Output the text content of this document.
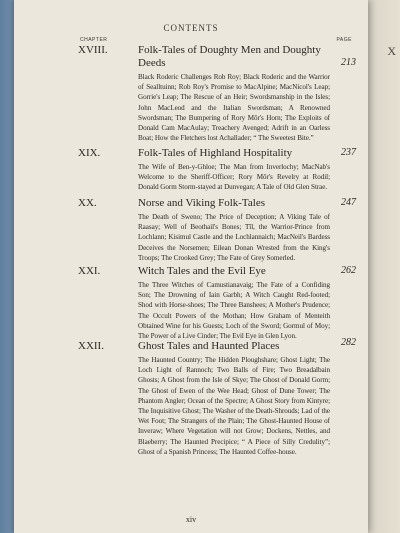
X
CONTENTS
CHAPTER	PAGE
XVIII.	Folk-Tales of Doughty Men and Doughty Deeds	213
Black Roderic Challenges Rob Roy; Black Roderic and the Warrior of Sealltuinn; Rob Roy's Promise to MacAlpine; MacNicol's Leap; Gorrie's Leap; The Rescue of an Heir; Swordsmanship in the Isles; John MacLeod and the Italian Swordsman; A Renowned Swordsman; The Bumpering of Rory Môr's Horn; The Exploits of Donald Cam MacAulay; Treachery Avenged; Adrift in an Oarless Boat; How the Fletchers lost Achallader; “ The Sweetest Bite.”
XIX.	Folk-Tales of Highland Hospitality	237
The Wife of Ben-y-Ghloe; The Man from Inverlochy; MacNab's Welcome to the Sheriff-Officer; Rory Môr's Revelry at Rodil; Donald Gorm Storm-stayed at Dunvegan; A Tale of Old Glen Strae.
XX.	Norse and Viking Folk-Tales	247
The Death of Sweno; The Price of Deception; A Viking Tale of Raasay; Well of Beothail's Bones; Tîl, the Warrior-Prince from Lochlann; Kisimul Castle and the Lochlannaich; MacNeil's Bardess Deceives the Norsemen; Eilean Donan Wrested from the King's Troops; The Crooked Grey; The Fate of Grey Somerled.
XXI.	Witch Tales and the Evil Eye	262
The Three Witches of Camustianavaig; The Fate of a Confiding Son; The Drowning of Iain Garbh; A Witch Caught Red-footed; Shod with Horse-shoes; The Three Banshees; A Mother's Prudence; The Occult Powers of the Mothan; How Graham of Menteith Obtained Wine for his Guests; Loch of the Sword; Gormul of Moy; The Power of a Live Cinder; The Evil Eye in Glen Lyon.
XXII.	Ghost Tales and Haunted Places	282
The Haunted Country; The Hidden Ploughshare; Ghost Light; The Loch Light of Rannoch; Two Balls of Fire; Two Breadalbain Ghosts; A Ghost from the Isle of Skye; The Ghost of Donald Gorm; The Ghost of Ewen of the Wee Head; Ghost of Dune Tower; The Phantom Angler; Ocean of the Spectre; A Ghost Story from Kintyre; The Inquisitive Ghost; The Washer of the Death-Shrouds; Lad of the Wet Foot; The Strangers of the Plain; The Ghost-Haunted House of Inveraw; Where Vegetation will not Grow; Dockens, Nettles, and Blaeberry; The Haunted Precipice; “ A Piece of Silly Credulity”; Ghost of a Spanish Princess; The Haunted Coffee-house.
xiv
